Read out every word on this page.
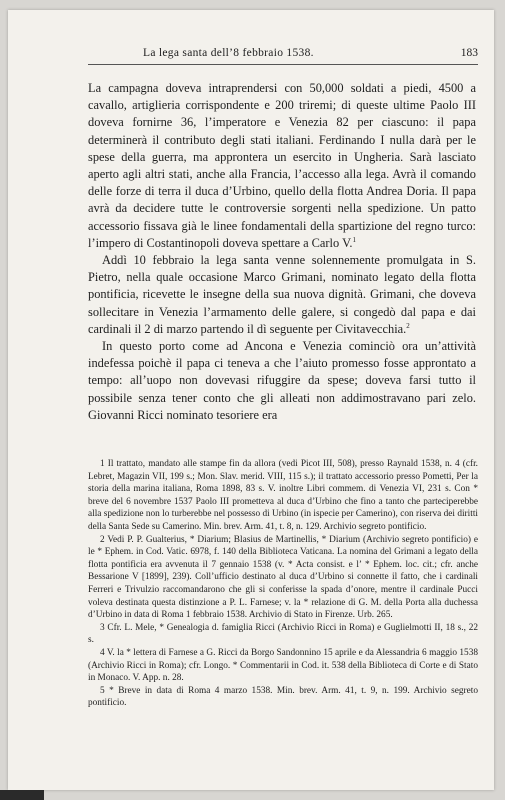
La lega santa dell’8 febbraio 1538.	183

La campagna doveva intraprendersi con 50,000 soldati a piedi, 4500 a cavallo, artiglieria corrispondente e 200 triremi; di queste ultime Paolo III doveva fornirne 36, l’imperatore e Venezia 82 per ciascuno: il papa determinerà il contributo degli stati italiani. Ferdinando I nulla darà per le spese della guerra, ma approntera un esercito in Ungheria. Sarà lasciato aperto agli altri stati, anche alla Francia, l’accesso alla lega. Avrà il comando delle forze di terra il duca d’Urbino, quello della flotta Andrea Doria. Il papa avrà da decidere tutte le controversie sorgenti nella spedizione. Un patto accessorio fissava già le linee fondamentali della spartizione del regno turco: l’impero di Costantinopoli doveva spettare a Carlo V.$^1$

Addì 10 febbraio la lega santa venne solennemente promulgata in S. Pietro, nella quale occasione Marco Grimani, nominato legato della flotta pontificia, ricevette le insegne della sua nuova dignità. Grimani, che doveva sollecitare in Venezia l’armamento delle galere, si congedò dal papa e dai cardinali il 2 di marzo partendo il dì seguente per Civitavecchia.$^2$

In questo porto come ad Ancona e Venezia cominciò ora un’attività indefessa poichè il papa ci teneva a che l’aiuto promesso fosse approntato a tempo: all’uopo non dovevasi rifuggire da spese; doveva farsi tutto il possibile senza tener conto che gli alleati non addimostravano pari zelo. Giovanni Ricci nominato tesoriere era

1 Il trattato, mandato alle stampe fin da allora (vedi Picot III, 508), presso Raynald 1538, n. 4 (cfr. Lebret, Magazin VII, 199 s.; Mon. Slav. merid. VIII, 115 s.); il trattato accessorio presso Pometti, Per la storia della marina italiana, Roma 1898, 83 s. V. inoltre Libri commem. di Venezia VI, 231 s. Con * breve del 6 novembre 1537 Paolo III prometteva al duca d’Urbino che fino a tanto che parteciperebbe alla spedizione non lo turberebbe nel possesso di Urbino (in ispecie per Camerino), con riserva dei diritti della Santa Sede su Camerino. Min. brev. Arm. 41, t. 8, n. 129. Archivio segreto pontificio.

2 Vedi P. P. Gualterius, * Diarium; Blasius de Martinellis, * Diarium (Archivio segreto pontificio) e le * Ephem. in Cod. Vatic. 6978, f. 140 della Biblioteca Vaticana. La nomina del Grimani a legato della flotta pontificia era avvenuta il 7 gennaio 1538 (v. * Acta consist. e l’ * Ephem. loc. cit.; cfr. anche Bessarione V [1899], 239). Coll’ufficio destinato al duca d’Urbino si connette il fatto, che i cardinali Ferreri e Trivulzio raccomandarono che gli si conferisse la spada d’onore, mentre il cardinale Pucci voleva destinata questa distinzione a P. L. Farnese; v. la * relazione di G. M. della Porta alla duchessa d’Urbino in data di Roma 1 febbraio 1538. Archivio di Stato in Firenze. Urb. 265.

3 Cfr. L. Mele, * Genealogia d. famiglia Ricci (Archivio Ricci in Roma) e Guglielmotti II, 18 s., 22 s.

4 V. la * lettera di Farnese a G. Ricci da Borgo Sandonnino 15 aprile e da Alessandria 6 maggio 1538 (Archivio Ricci in Roma); cfr. Longo. * Commentarii in Cod. it. 538 della Biblioteca di Corte e di Stato in Monaco. V. App. n. 28.

5 * Breve in data di Roma 4 marzo 1538. Min. brev. Arm. 41, t. 9, n. 199. Archivio segreto pontificio.
